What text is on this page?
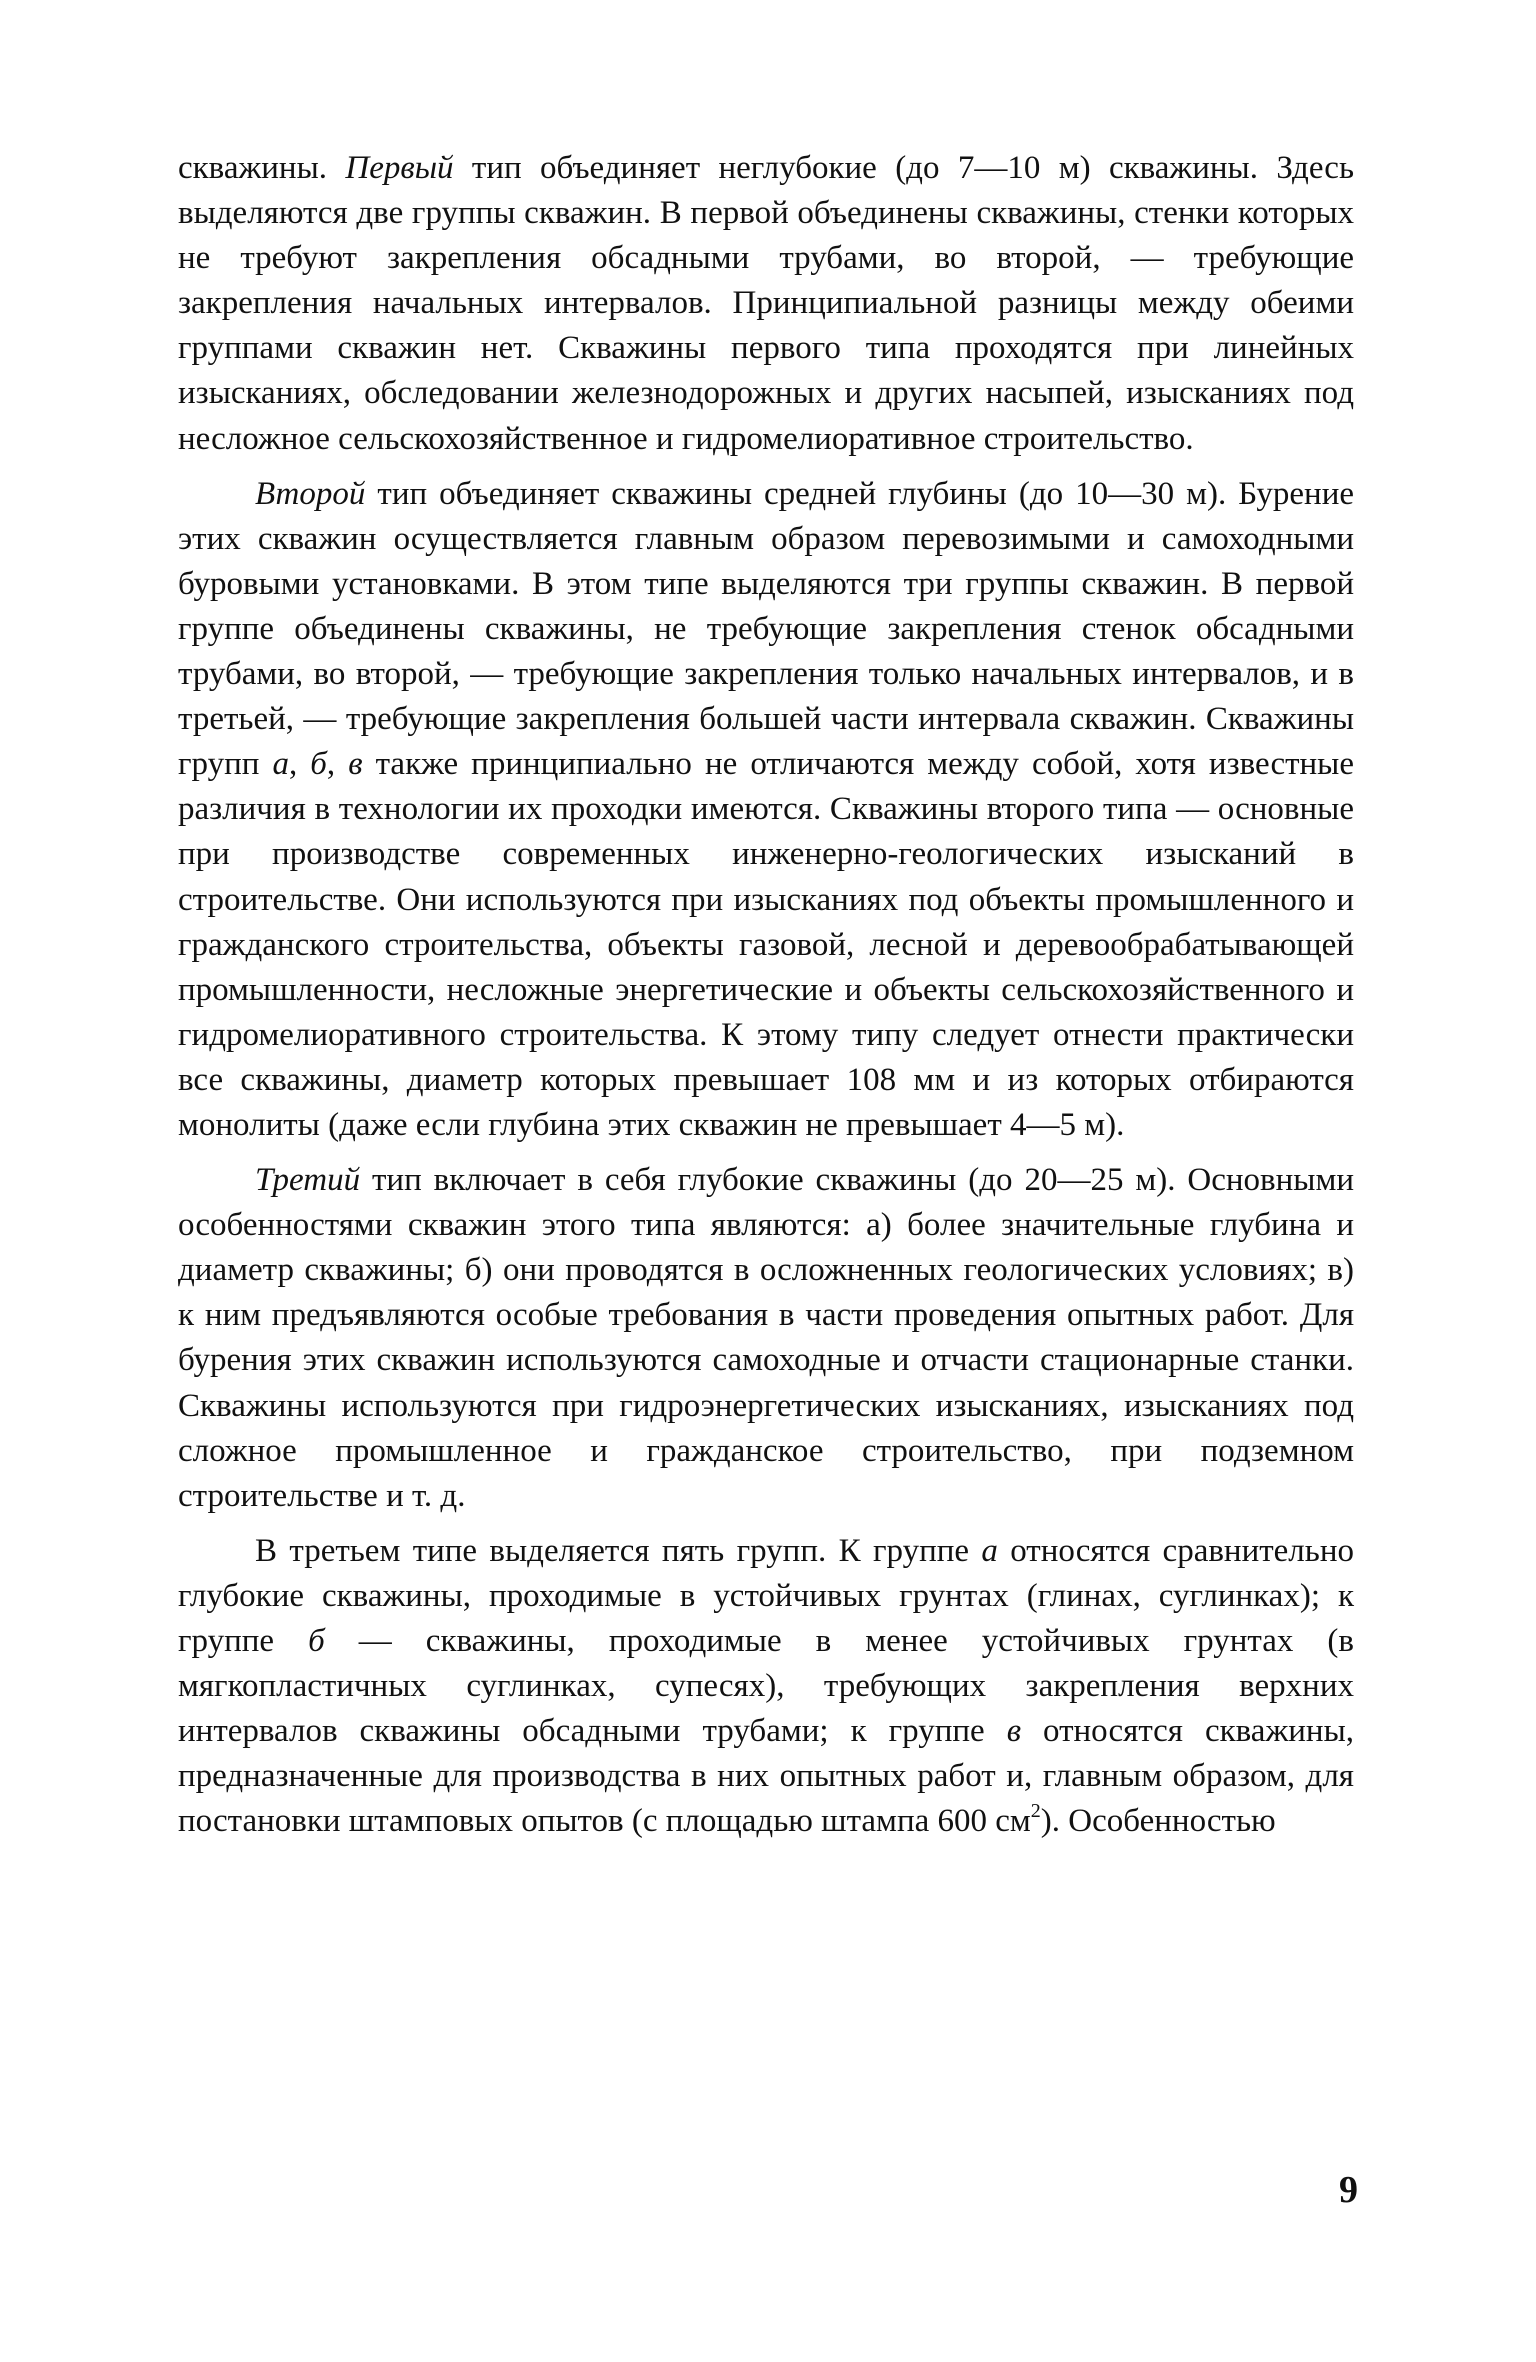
скважины. Первый тип объединяет неглубокие (до 7—10 м) скважины. Здесь выделяются две группы скважин. В первой объединены скважины, стенки которых не требуют закрепления обсадными трубами, во второй, — требующие закрепления начальных интервалов. Принципиальной разницы между обеими группами скважин нет. Скважины первого типа проходятся при линейных изысканиях, обследовании железнодорожных и других насыпей, изысканиях под несложное сельскохозяйственное и гидромелиоративное строительство.

Второй тип объединяет скважины средней глубины (до 10—30 м). Бурение этих скважин осуществляется главным образом перевозимыми и самоходными буровыми установками. В этом типе выделяются три группы скважин. В первой группе объединены скважины, не требующие закрепления стенок обсадными трубами, во второй, — требующие закрепления только начальных интервалов, и в третьей, — требующие закрепления большей части интервала скважин. Скважины групп а, б, в также принципиально не отличаются между собой, хотя известные различия в технологии их проходки имеются. Скважины второго типа — основные при производстве современных инженерно-геологических изысканий в строительстве. Они используются при изысканиях под объекты промышленного и гражданского строительства, объекты газовой, лесной и деревообрабатывающей промышленности, несложные энергетические и объекты сельскохозяйственного и гидромелиоративного строительства. К этому типу следует отнести практически все скважины, диаметр которых превышает 108 мм и из которых отбираются монолиты (даже если глубина этих скважин не превышает 4—5 м).

Третий тип включает в себя глубокие скважины (до 20—25 м). Основными особенностями скважин этого типа являются: а) более значительные глубина и диаметр скважины; б) они проводятся в осложненных геологических условиях; в) к ним предъявляются особые требования в части проведения опытных работ. Для бурения этих скважин используются самоходные и отчасти стационарные станки. Скважины используются при гидроэнергетических изысканиях, изысканиях под сложное промышленное и гражданское строительство, при подземном строительстве и т. д.

В третьем типе выделяется пять групп. К группе а относятся сравнительно глубокие скважины, проходимые в устойчивых грунтах (глинах, суглинках); к группе б — скважины, проходимые в менее устойчивых грунтах (в мягкопластичных суглинках, супесях), требующих закрепления верхних интервалов скважины обсадными трубами; к группе в относятся скважины, предназначенные для производства в них опытных работ и, главным образом, для постановки штамповых опытов (с площадью штампа 600 $см^2$). Особенностью

9
